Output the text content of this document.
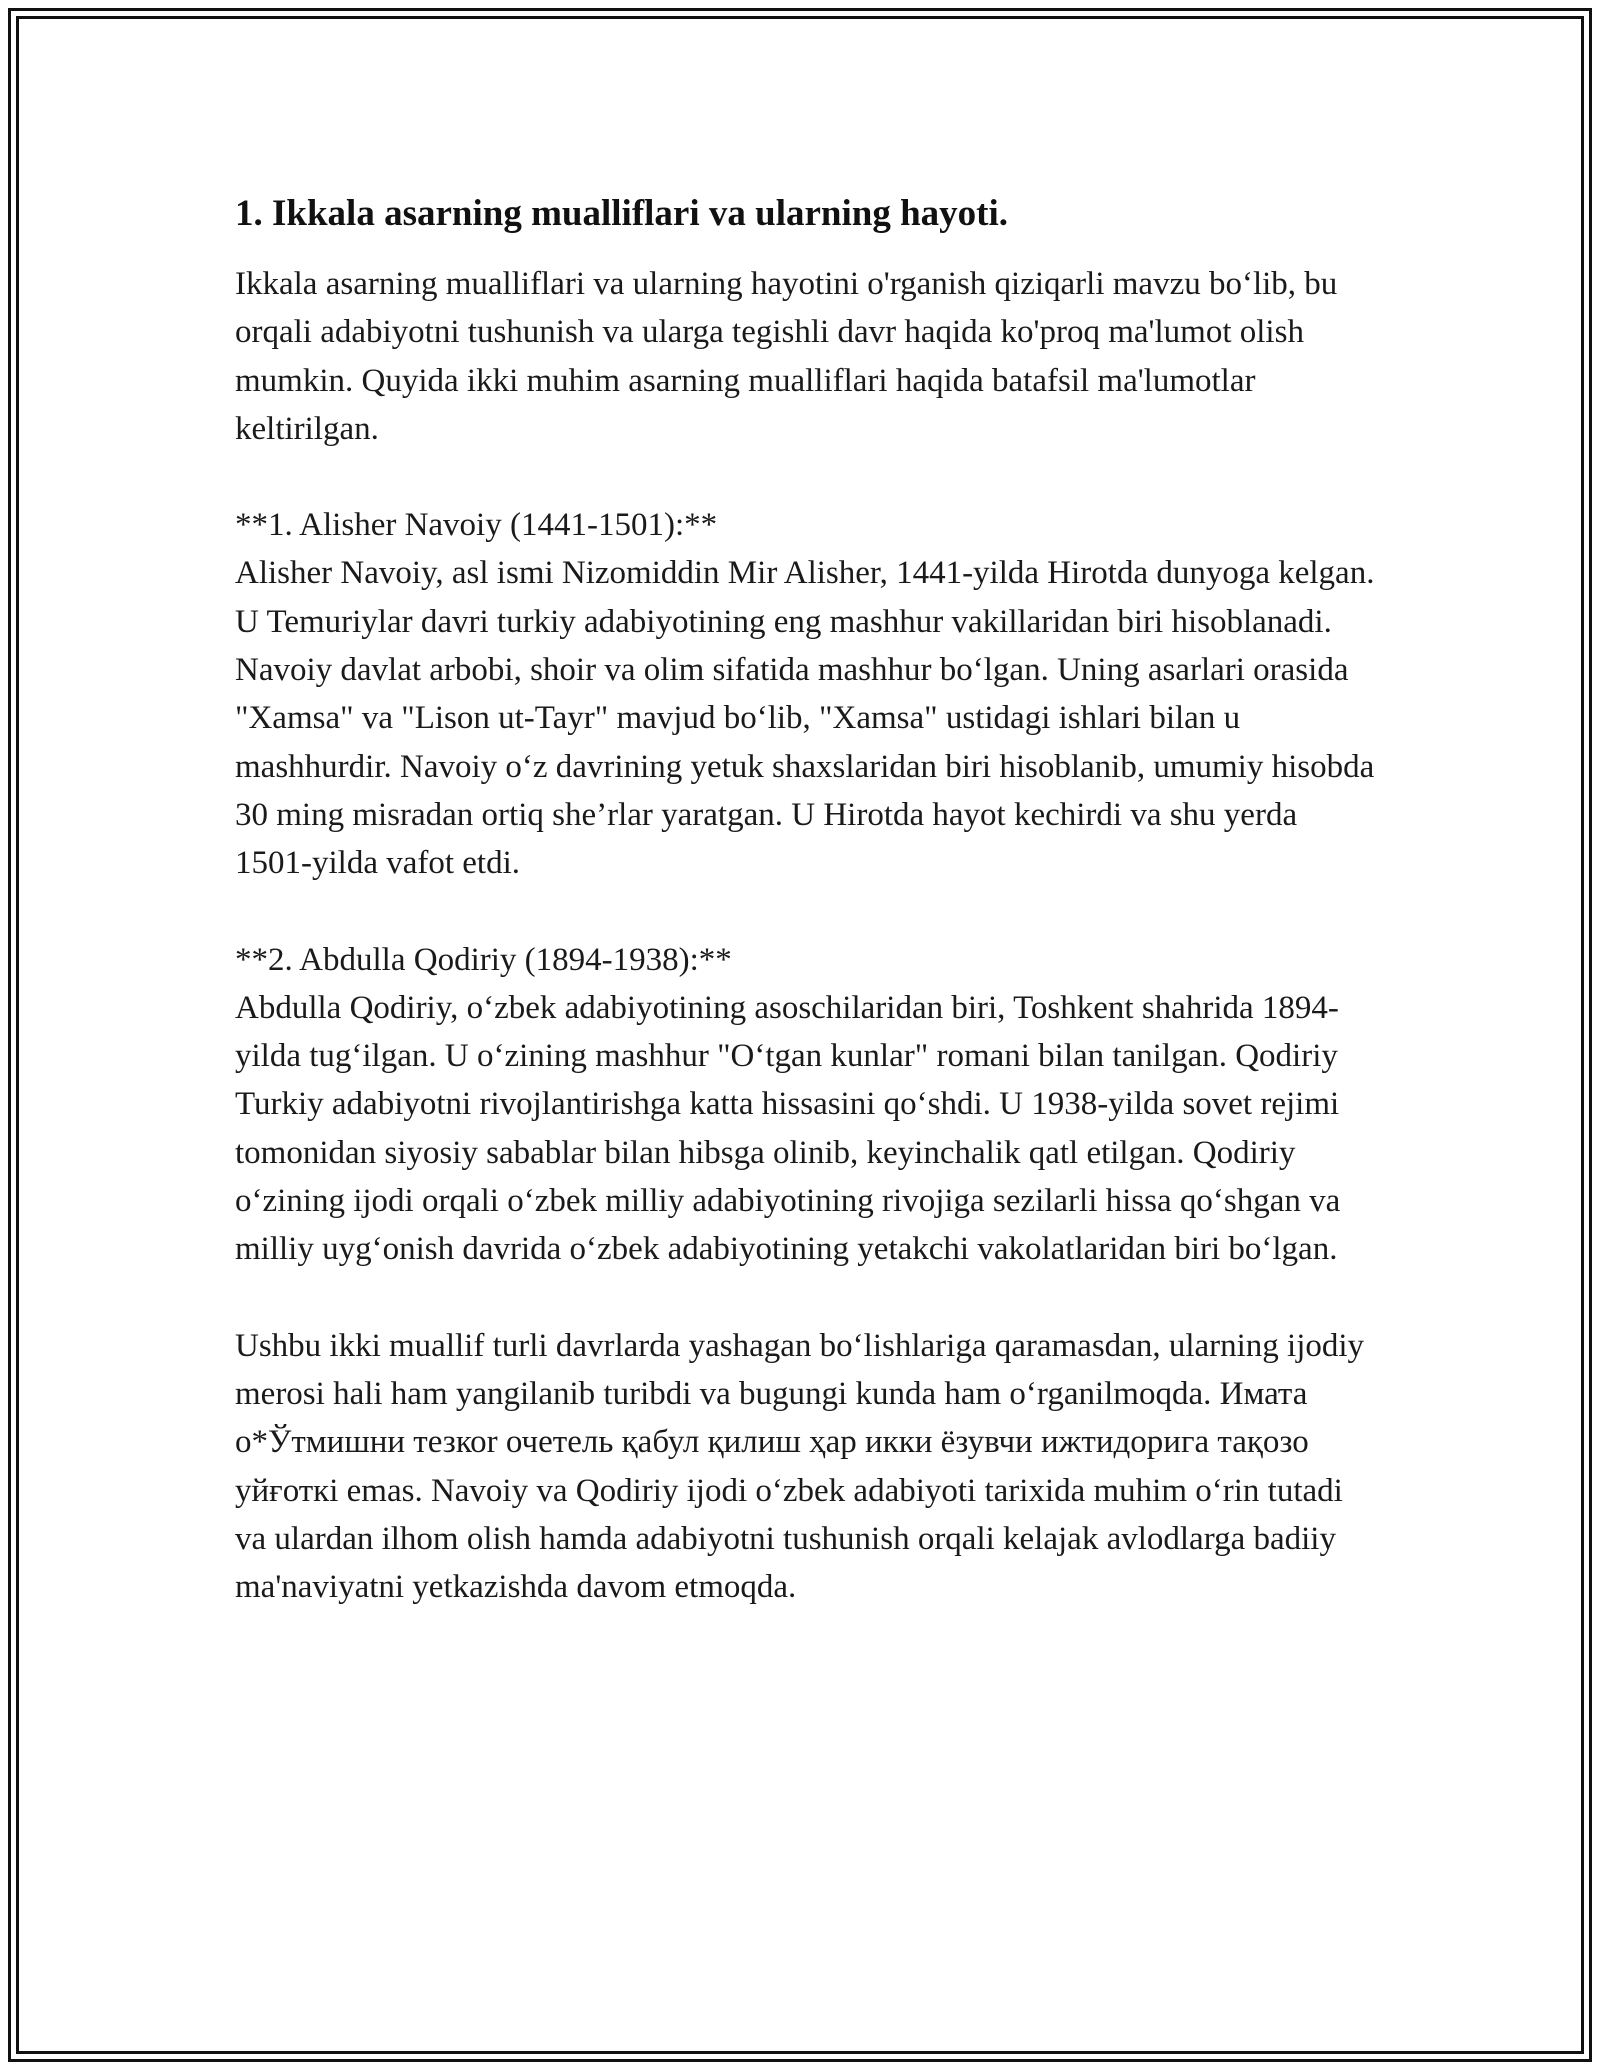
1. Ikkala asarning mualliflari va ularning hayoti.

Ikkala asarning mualliflari va ularning hayotini o'rganish qiziqarli mavzu bo‘lib, bu orqali adabiyotni tushunish va ularga tegishli davr haqida ko'proq ma'lumot olish mumkin. Quyida ikki muhim asarning mualliflari haqida batafsil ma'lumotlar keltirilgan.

**1. Alisher Navoiy (1441-1501):**
Alisher Navoiy, asl ismi Nizomiddin Mir Alisher, 1441-yilda Hirotda dunyoga kelgan. U Temuriylar davri turkiy adabiyotining eng mashhur vakillaridan biri hisoblanadi. Navoiy davlat arbobi, shoir va olim sifatida mashhur bo‘lgan. Uning asarlari orasida "Xamsa" va "Lison ut-Tayr" mavjud bo‘lib, "Xamsa" ustidagi ishlari bilan u mashhurdir. Navoiy o‘z davrining yetuk shaxslaridan biri hisoblanib, umumiy hisobda 30 ming misradan ortiq she’rlar yaratgan. U Hirotda hayot kechirdi va shu yerda 1501-yilda vafot etdi.

**2. Abdulla Qodiriy (1894-1938):**
Abdulla Qodiriy, o‘zbek adabiyotining asoschilaridan biri, Toshkent shahrida 1894-yilda tug‘ilgan. U o‘zining mashhur "O‘tgan kunlar" romani bilan tanilgan. Qodiriy Turkiy adabiyotni rivojlantirishga katta hissasini qo‘shdi. U 1938-yilda sovet rejimi tomonidan siyosiy sabablar bilan hibsga olinib, keyinchalik qatl etilgan. Qodiriy o‘zining ijodi orqali o‘zbek milliy adabiyotining rivojiga sezilarli hissa qo‘shgan va milliy uyg‘onish davrida o‘zbek adabiyotining yetakchi vakolatlaridan biri bo‘lgan.

Ushbu ikki muallif turli davrlarda yashagan bo‘lishlariga qaramasdan, ularning ijodiy merosi hali ham yangilanib turibdi va bugungi kunda ham o‘rganilmoqda. Имата о*Ўтмишни тезкоr очетель қабул қилиш ҳар икки ёзувчи ижтидорига тақозо уйғоткі emas. Navoiy va Qodiriy ijodi o‘zbek adabiyoti tarixida muhim o‘rin tutadi va ulardan ilhom olish hamda adabiyotni tushunish orqali kelajak avlodlarga badiiy ma'naviyatni yetkazishda davom etmoqda.
